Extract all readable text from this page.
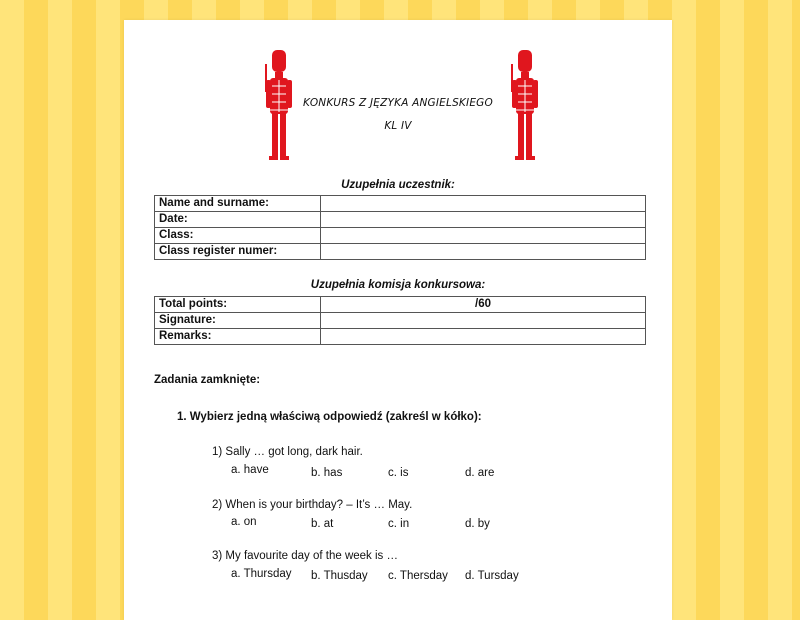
KONKURS Z JĘZYKA ANGIELSKIEGO
KL IV
Uzupełnia uczestnik:
Name and surname:	
Date:	
Class:	
Class register numer:	
Uzupełnia komisja konkursowa:
Total points:	/60
Signature:	
Remarks:	
Zadania zamknięte:
1. Wybierz jedną właściwą odpowiedź (zakreśl w kółko):
1) Sally … got long, dark hair.
a. have	b. has	c. is	d. are
2) When is your birthday? – It’s … May.
a. on	b. at	c. in	d. by
3) My favourite day of the week is …
a. Thursday b. Thusday c. Thersday d. Tursday
